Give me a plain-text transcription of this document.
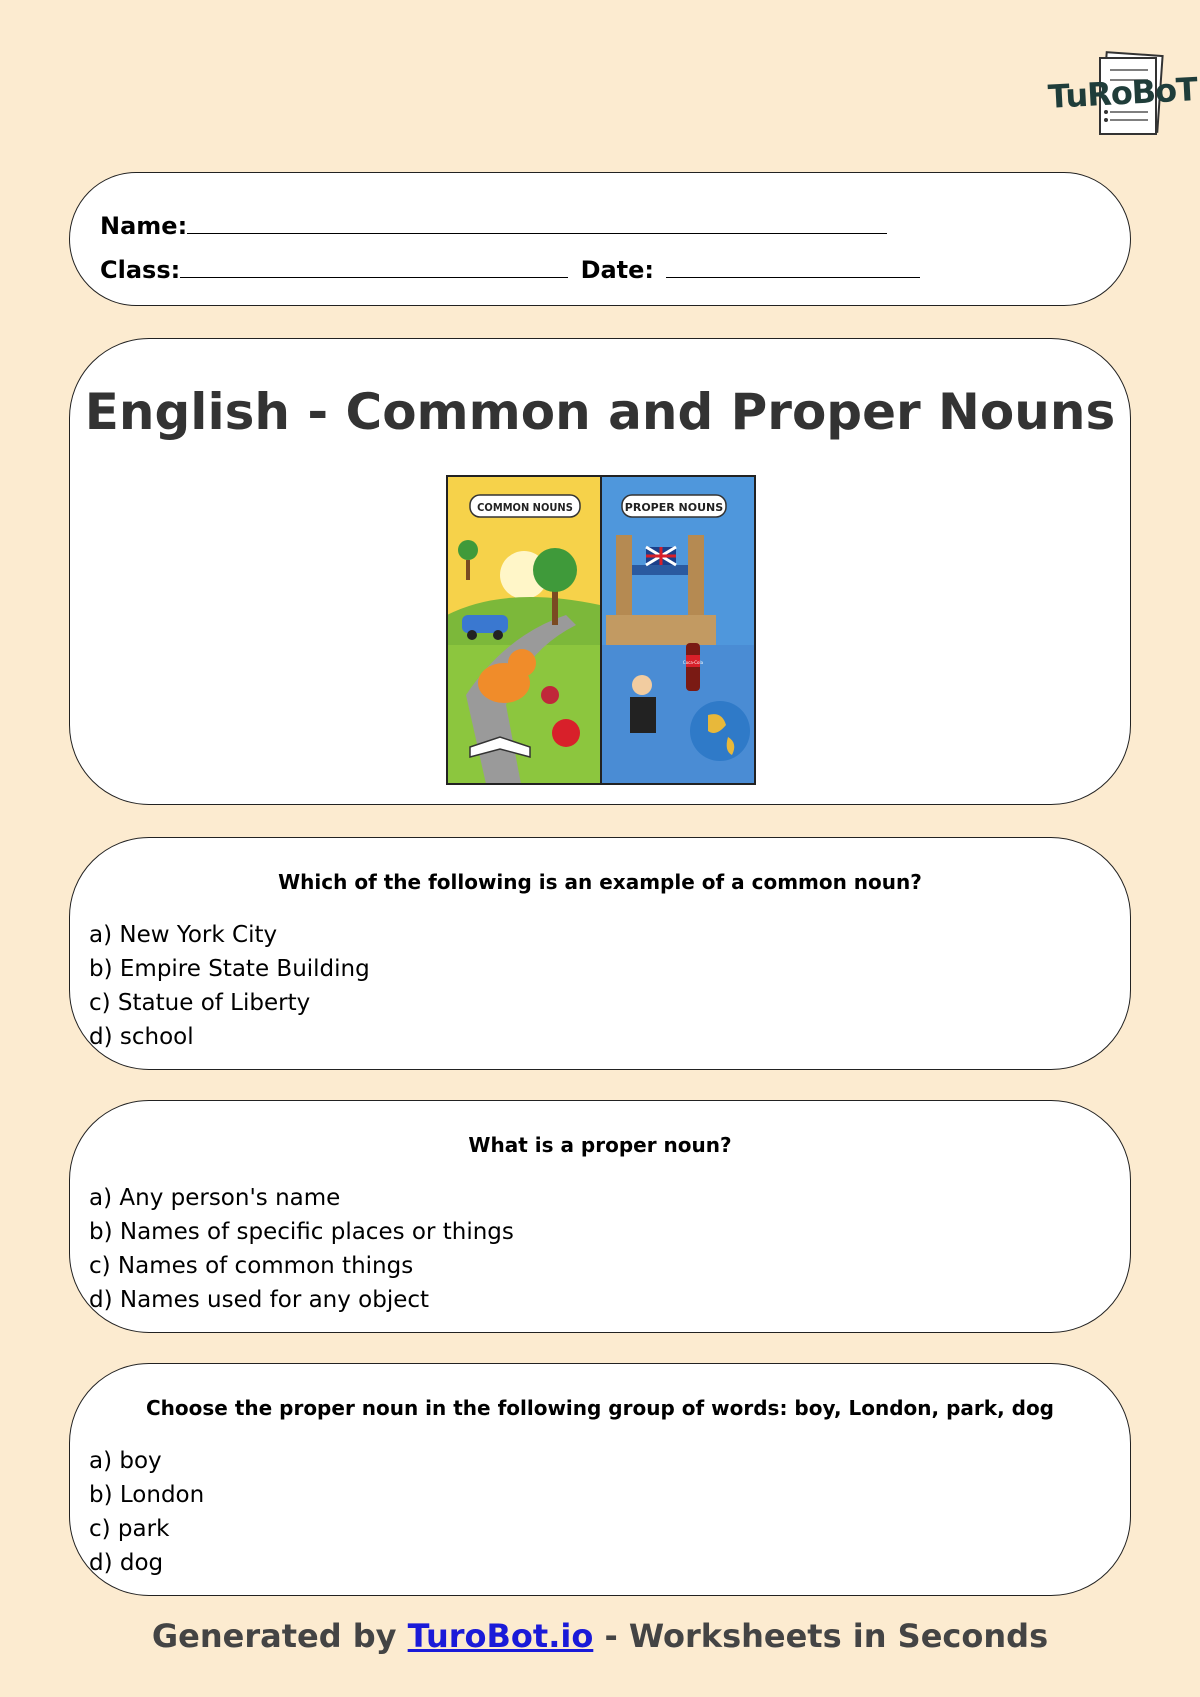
TuRoBoT
Name:
Class:	Date:
English - Common and Proper Nouns
COMMON NOUNS	PROPER NOUNS
Coca-Cola
Which of the following is an example of a common noun?
a) New York City
b) Empire State Building
c) Statue of Liberty
d) school
What is a proper noun?
a) Any person's name
b) Names of specific places or things
c) Names of common things
d) Names used for any object
Choose the proper noun in the following group of words: boy, London, park, dog
a) boy
b) London
c) park
d) dog
Generated by TuroBot.io - Worksheets in Seconds
